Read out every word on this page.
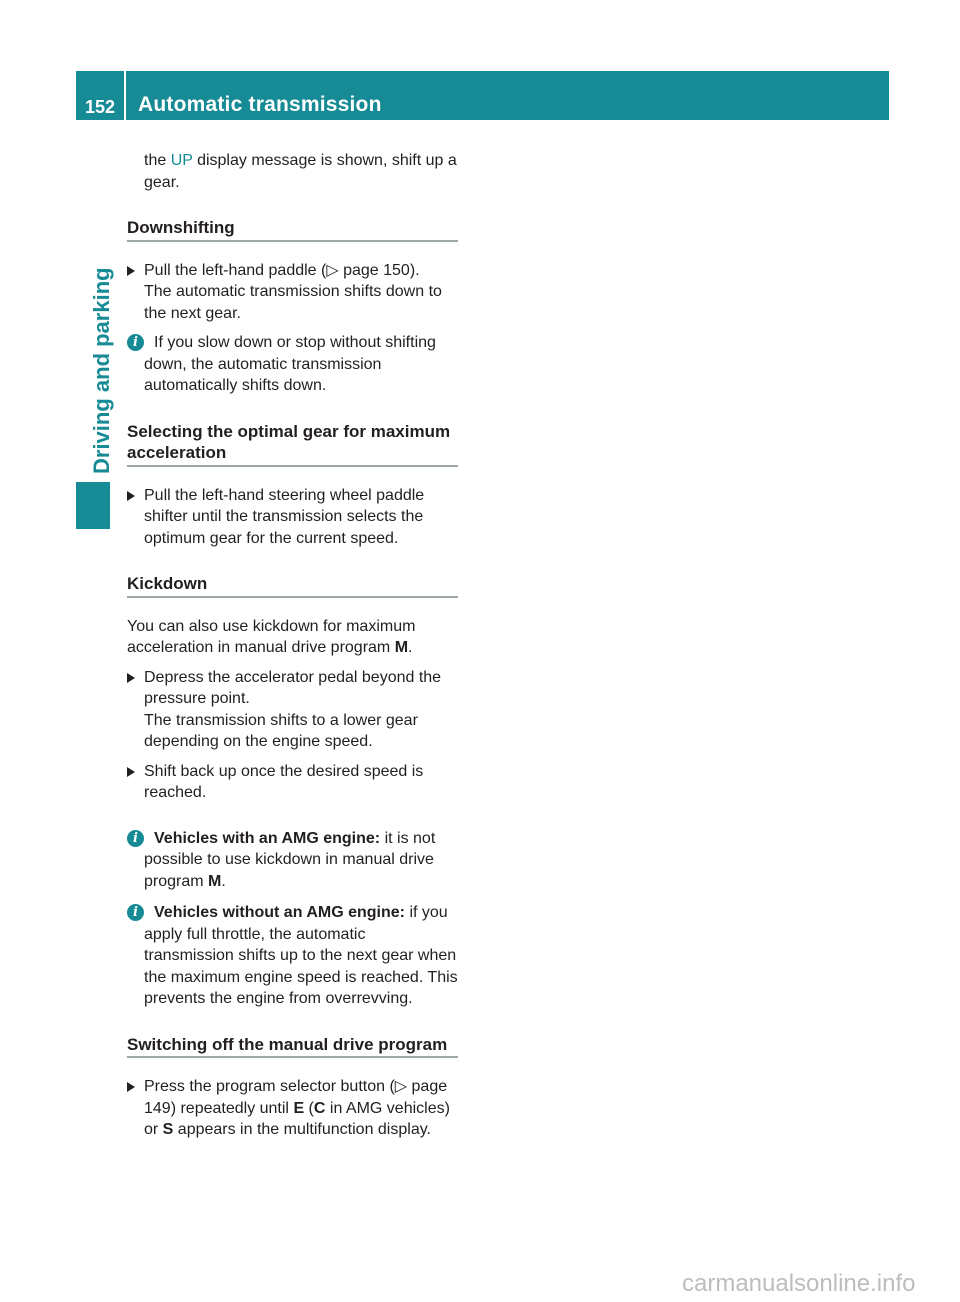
152	Automatic transmission
Driving and parking

the UP display message is shown, shift up a gear.

Downshifting

Pull the left-hand paddle (▷ page 150).

The automatic transmission shifts down to the next gear.

i	If you slow down or stop without shifting down, the automatic transmission automatically shifts down.
Selecting the optimal gear for maximum acceleration

Pull the left-hand steering wheel paddle shifter until the transmission selects the optimum gear for the current speed.

Kickdown

You can also use kickdown for maximum acceleration in manual drive program M.

Depress the accelerator pedal beyond the pressure point.

The transmission shifts to a lower gear depending on the engine speed.

Shift back up once the desired speed is reached.

i	Vehicles with an AMG engine: it is not possible to use kickdown in manual drive program M.
i	Vehicles without an AMG engine: if you apply full throttle, the automatic transmission shifts up to the next gear when the maximum engine speed is reached. This prevents the engine from overrevving.
Switching off the manual drive program

Press the program selector button (▷ page 149) repeatedly until E (C in AMG vehicles) or S appears in the multifunction display.

carmanualsonline.info
